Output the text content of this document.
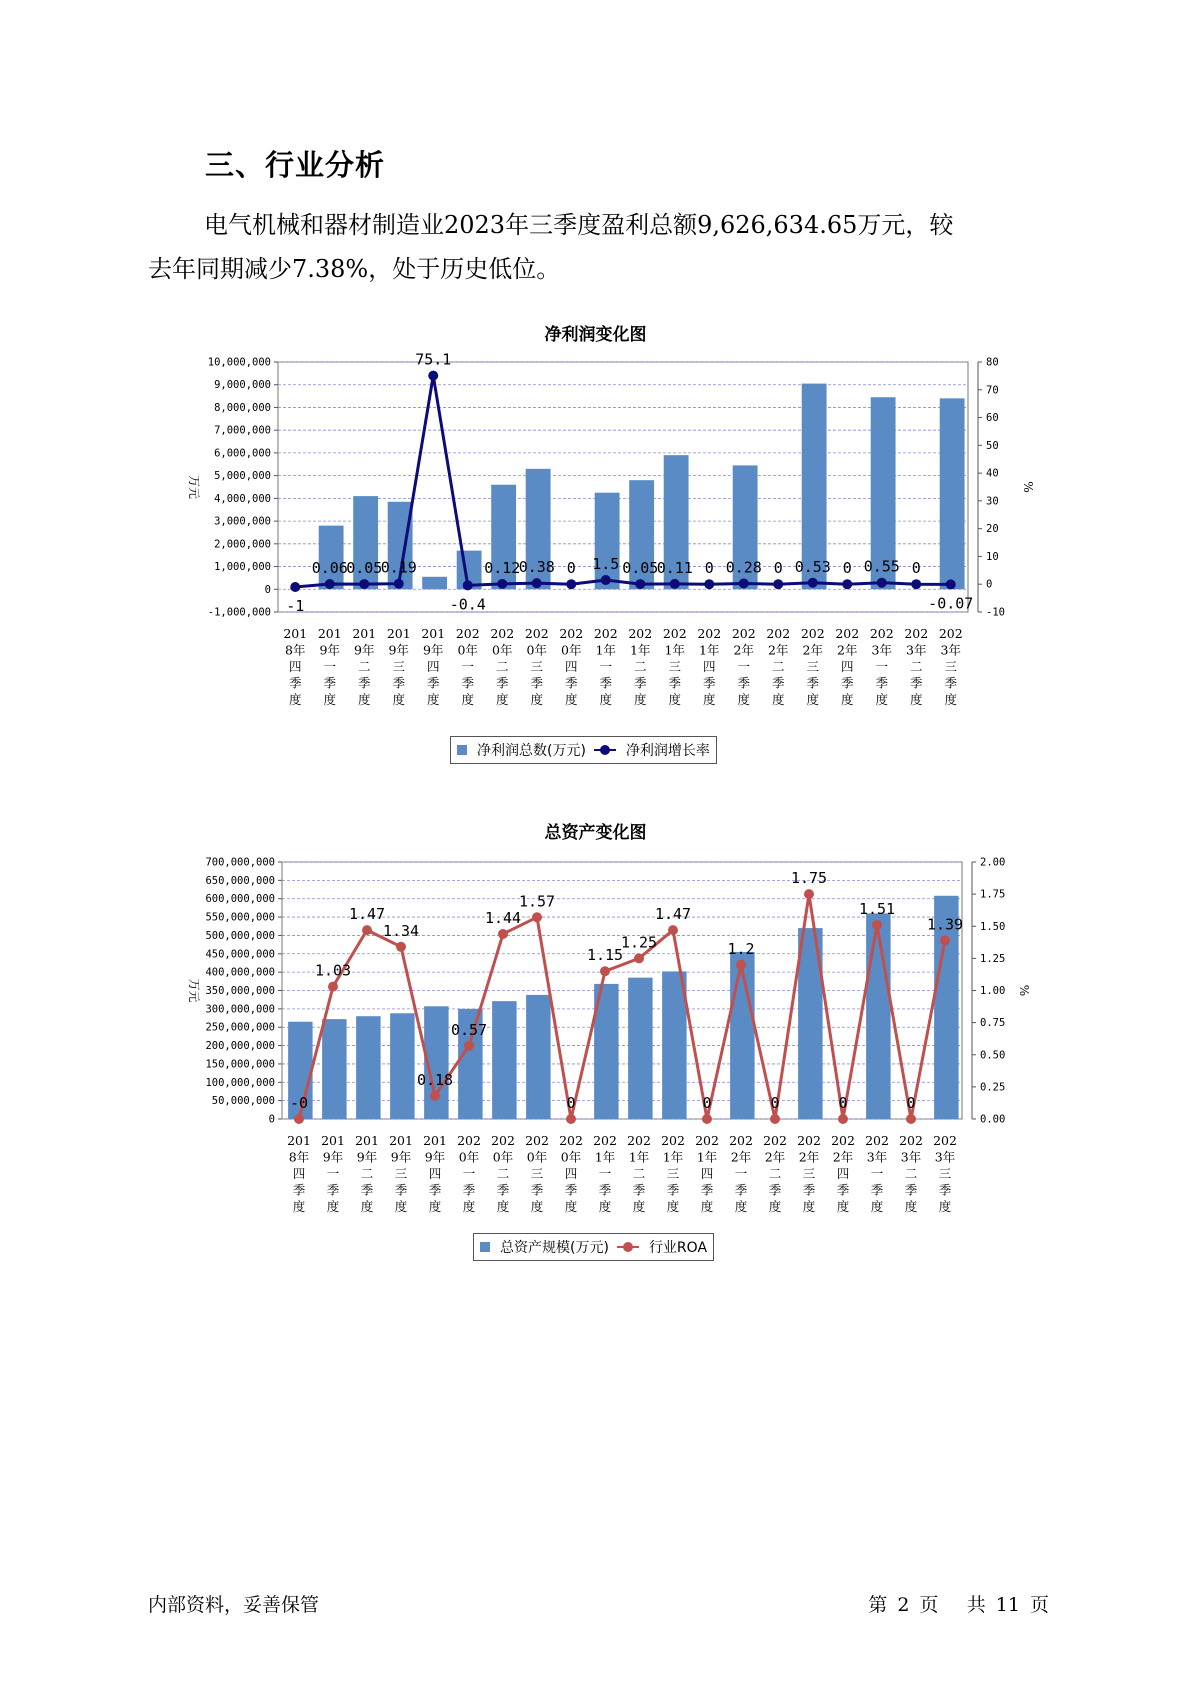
三、行业分析

电气机械和器材制造业2023年三季度盈利总额9,626,634.65万元，较

去年同期减少7.38%，处于历史低位。

净利润变化图
-1,000,000
0
1,000,000
2,000,000
3,000,000
4,000,000
5,000,000
6,000,000
7,000,000
8,000,000
9,000,000
10,000,000
-10
0
10
20
30
40
50
60
70
80
万元	%
201 8年四季度
201 9年一季度
201 9年二季度
201 9年三季度
201 9年四季度
202 0年一季度
202 0年二季度
202 0年三季度
202 0年四季度
202 1年一季度
202 1年二季度
202 1年三季度
202 1年四季度
202 2年一季度
202 2年二季度
202 2年三季度
202 2年四季度
202 3年一季度
202 3年二季度
202 3年三季度
-1
0.06
0.05
0.19
75.1
-0.4
0.12
0.38 0 1.5 0.05
0.11 0 0.28 0 0.53 0 0.55 0
-0.07
净利润总数(万元)	净利润增长率
总资产变化图
0
50,000,000
100,000,000
150,000,000
200,000,000
250,000,000
300,000,000
350,000,000
400,000,000
450,000,000
500,000,000
550,000,000
600,000,000
650,000,000
700,000,000
0.00
0.25
0.50
0.75
1.00
1.25
1.50
1.75
2.00
万元	%
201 8年四季度
201 9年一季度
201 9年二季度
201 9年三季度
201 9年四季度
202 0年一季度
202 0年二季度
202 0年三季度
202 0年四季度
202 1年一季度
202 1年二季度
202 1年三季度
202 1年四季度
202 2年一季度
202 2年二季度
202 2年三季度
202 2年四季度
202 3年一季度
202 3年二季度
202 3年三季度
-0
1.03
1.47
1.34
0.18
0.57
1.44
1.57
0
1.15
1.25
1.47
0
1.2
0
1.75
0
1.51
0
1.39
总资产规模(万元)	行业ROA
内部资料，妥善保管	第 2 页 共 11 页
